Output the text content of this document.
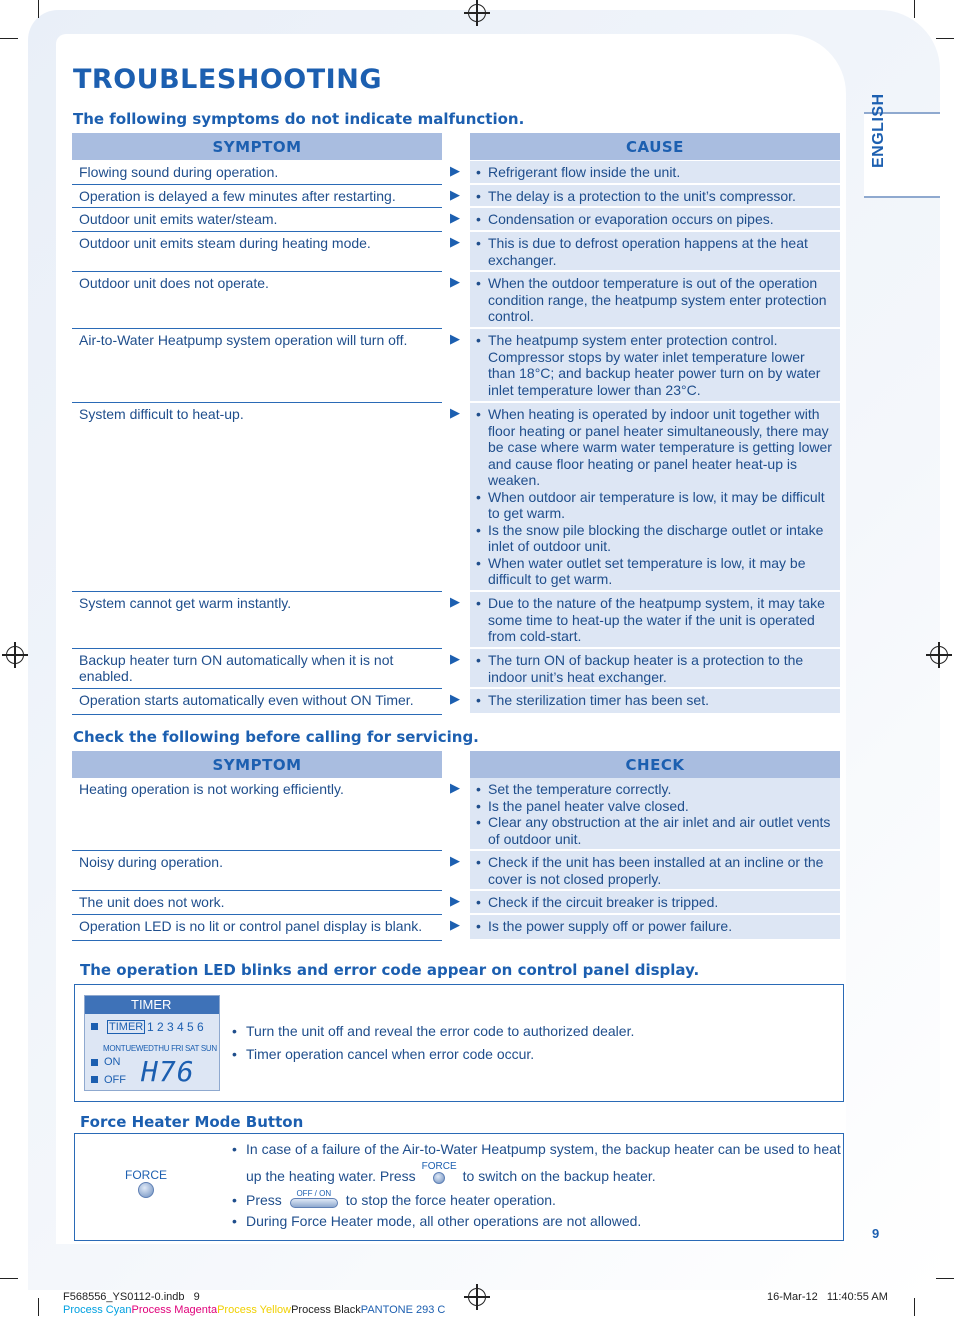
ENGLISH
TROUBLESHOOTING
The following symptoms do not indicate malfunction.
SYMPTOM	CAUSE
Flowing sound during operation.	▶ • Refrigerant flow inside the unit.
Operation is delayed a few minutes after restarting.	▶ • The delay is a protection to the unit’s compressor.
Outdoor unit emits water/steam.	▶ • Condensation or evaporation occurs on pipes.
Outdoor unit emits steam during heating mode.	▶ • This is due to defrost operation happens at the heat exchanger.
Outdoor unit does not operate.	▶ • When the outdoor temperature is out of the operation condition range, the heatpump system enter protection control.
Air-to-Water Heatpump system operation will turn off.	▶ • The heatpump system enter protection control. Compressor stops by water inlet temperature lower than 18°C; and backup heater power turn on by water inlet temperature lower than 23°C.
System difficult to heat-up.	▶ • When heating is operated by indoor unit together with floor heating or panel heater simultaneously, there may be case where warm water temperature is getting lower and cause floor heating or panel heater heat-up is weaken.
• When outdoor air temperature is low, it may be difficult to get warm.
• Is the snow pile blocking the discharge outlet or intake inlet of outdoor unit.
• When water outlet set temperature is low, it may be difficult to get warm.
System cannot get warm instantly.	▶ • Due to the nature of the heatpump system, it may take some time to heat-up the water if the unit is operated from cold-start.
Backup heater turn ON automatically when it is not enabled.
▶ • The turn ON of backup heater is a protection to the indoor unit’s heat exchanger.
Operation starts automatically even without ON Timer.	▶ • The sterilization timer has been set.
Check the following before calling for servicing.
SYMPTOM	CHECK
Heating operation is not working efficiently.	▶ • Set the temperature correctly.
• Is the panel heater valve closed.
• Clear any obstruction at the air inlet and air outlet vents of outdoor unit.
Noisy during operation.	▶ • Check if the unit has been installed at an incline or the cover is not closed properly.
The unit does not work.	▶ • Check if the circuit breaker is tripped.
Operation LED is no lit or control panel display is blank.	▶ • Is the power supply off or power failure.
The operation LED blinks and error code appear on control panel display.
TIMER
TIMER 1 2 3 4 5 6
MONTUEWEDTHU FRI SAT SUN
ON
OFF H76
• Turn the unit off and reveal the error code to authorized dealer.
• Timer operation cancel when error code occur.
Force Heater Mode Button
FORCE
• In case of a failure of the Air-to-Water Heatpump system, the backup heater can be used to heat
up the heating water. Press
FORCE
to switch on the backup heater.
• Press OFF / ON to stop the force heater operation.
• During Force Heater mode, all other operations are not allowed.
9
F568556_YS0112-0.indb   9	16-Mar-12   11:40:55 AM
Process CyanProcess MagentaProcess YellowProcess BlackPANTONE 293 C
